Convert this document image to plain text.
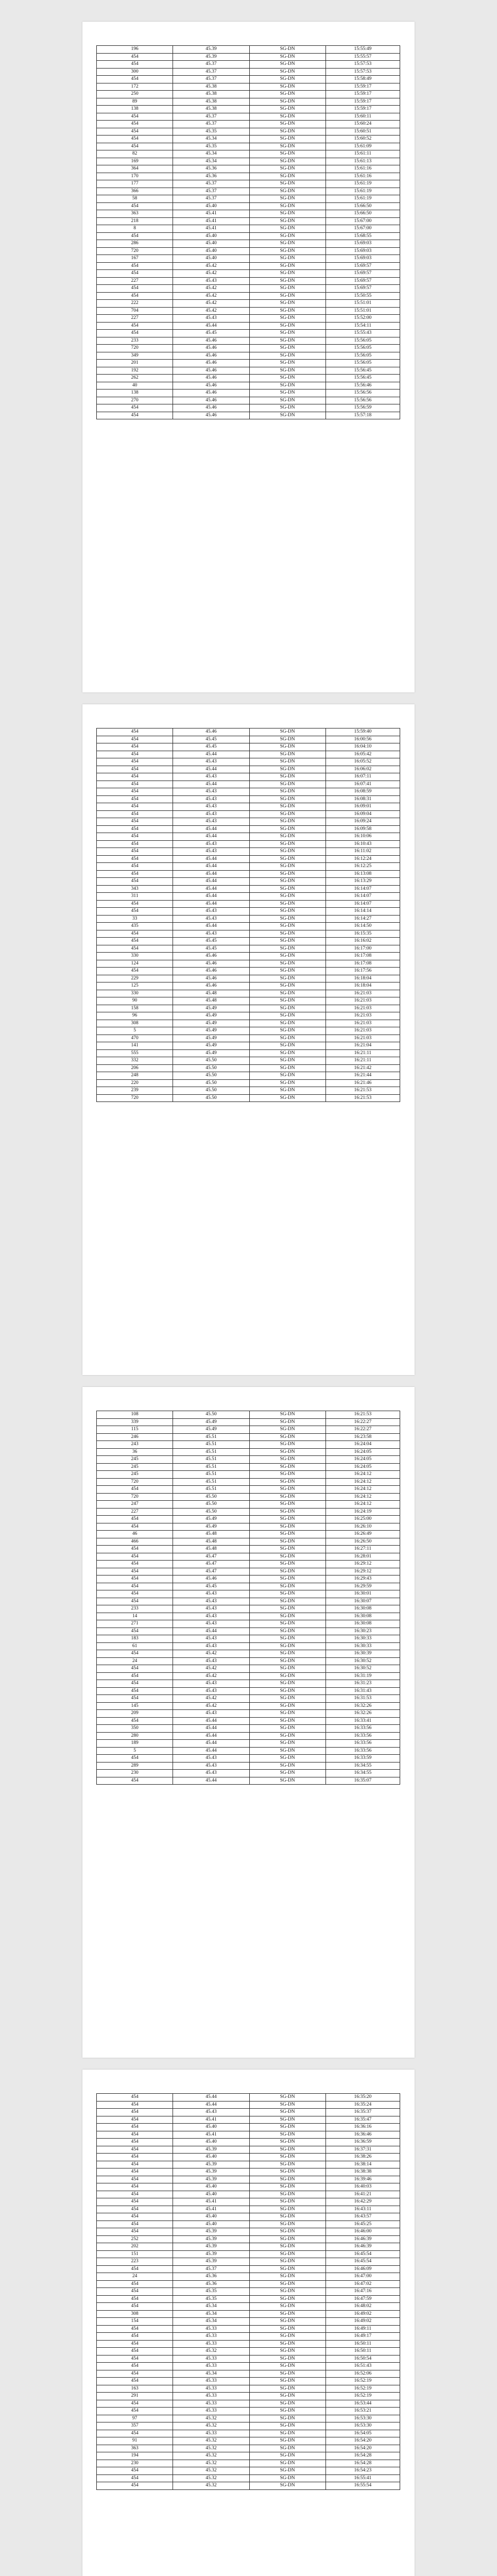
196	45.39	SG-DN	15:55:49
454	45.39	SG-DN	15:55:57
454	45.37	SG-DN	15:57:53
300	45.37	SG-DN	15:57:53
454	45.37	SG-DN	15:58:49
172	45.38	SG-DN	15:59:17
250	45.38	SG-DN	15:59:17
89	45.38	SG-DN	15:59:17
138	45.38	SG-DN	15:59:17
454	45.37	SG-DN	15:60:11
454	45.37	SG-DN	15:60:24
454	45.35	SG-DN	15:60:51
454	45.34	SG-DN	15:60:52
454	45.35	SG-DN	15:61:09
82	45.34	SG-DN	15:61:11
169	45.34	SG-DN	15:61:13
364	45.36	SG-DN	15:61:16
170	45.36	SG-DN	15:61:16
177	45.37	SG-DN	15:61:19
366	45.37	SG-DN	15:61:19
58	45.37	SG-DN	15:61:19
454	45.40	SG-DN	15:66:50
363	45.41	SG-DN	15:66:50
218	45.41	SG-DN	15:67:00
8	45.41	SG-DN	15:67:00
454	45.40	SG-DN	15:68:55
286	45.40	SG-DN	15:69:03
720	45.40	SG-DN	15:69:03
167	45.40	SG-DN	15:69:03
454	45.42	SG-DN	15:69:57
454	45.42	SG-DN	15:69:57
227	45.43	SG-DN	15:69:57
454	45.42	SG-DN	15:69:57
454	45.42	SG-DN	15:50:55
222	45.42	SG-DN	15:51:01
704	45.42	SG-DN	15:51:01
227	45.43	SG-DN	15:52:00
454	45.44	SG-DN	15:54:11
454	45.45	SG-DN	15:55:43
233	45.46	SG-DN	15:56:05
720	45.46	SG-DN	15:56:05
349	45.46	SG-DN	15:56:05
201	45.46	SG-DN	15:56:05
192	45.46	SG-DN	15:56:45
262	45.46	SG-DN	15:56:45
40	45.46	SG-DN	15:56:46
138	45.46	SG-DN	15:56:56
270	45.46	SG-DN	15:56:56
454	45.46	SG-DN	15:56:59
454	45.46	SG-DN	15:57:18
454	45.46	SG-DN	15:59:40
454	45.45	SG-DN	16:00:56
454	45.45	SG-DN	16:04:10
454	45.44	SG-DN	16:05:42
454	45.43	SG-DN	16:05:52
454	45.44	SG-DN	16:06:02
454	45.43	SG-DN	16:07:11
454	45.44	SG-DN	16:07:41
454	45.43	SG-DN	16:08:59
454	45.43	SG-DN	16:08:31
454	45.43	SG-DN	16:09:01
454	45.43	SG-DN	16:09:04
454	45.43	SG-DN	16:09:24
454	45.44	SG-DN	16:09:58
454	45.44	SG-DN	16:10:06
454	45.43	SG-DN	16:10:43
454	45.43	SG-DN	16:11:02
454	45.44	SG-DN	16:12:24
454	45.44	SG-DN	16:12:25
454	45.44	SG-DN	16:13:08
454	45.44	SG-DN	16:13:29
343	45.44	SG-DN	16:14:07
311	45.44	SG-DN	16:14:07
454	45.44	SG-DN	16:14:07
454	45.43	SG-DN	16:14:14
33	45.43	SG-DN	16:14:27
435	45.44	SG-DN	16:14:50
454	45.43	SG-DN	16:15:35
454	45.45	SG-DN	16:16:02
454	45.45	SG-DN	16:17:00
330	45.46	SG-DN	16:17:08
124	45.46	SG-DN	16:17:08
454	45.46	SG-DN	16:17:56
229	45.46	SG-DN	16:18:04
125	45.46	SG-DN	16:18:04
330	45.48	SG-DN	16:21:03
90	45.48	SG-DN	16:21:03
158	45.49	SG-DN	16:21:03
96	45.49	SG-DN	16:21:03
308	45.49	SG-DN	16:21:03
5	45.49	SG-DN	16:21:03
470	45.49	SG-DN	16:21:03
141	45.49	SG-DN	16:21:04
555	45.49	SG-DN	16:21:11
332	45.50	SG-DN	16:21:11
206	45.50	SG-DN	16:21:42
248	45.50	SG-DN	16:21:44
220	45.50	SG-DN	16:21:46
239	45.50	SG-DN	16:21:53
720	45.50	SG-DN	16:21:53
108	45.50	SG-DN	16:21:53
339	45.49	SG-DN	16:22:27
115	45.49	SG-DN	16:22:27
246	45.51	SG-DN	16:23:58
243	45.51	SG-DN	16:24:04
36	45.51	SG-DN	16:24:05
245	45.51	SG-DN	16:24:05
245	45.51	SG-DN	16:24:05
245	45.51	SG-DN	16:24:12
720	45.51	SG-DN	16:24:12
454	45.51	SG-DN	16:24:12
720	45.50	SG-DN	16:24:12
247	45.50	SG-DN	16:24:12
227	45.50	SG-DN	16:24:19
454	45.49	SG-DN	16:25:00
454	45.49	SG-DN	16:26:10
46	45.48	SG-DN	16:26:49
466	45.48	SG-DN	16:26:50
454	45.48	SG-DN	16:27:11
454	45.47	SG-DN	16:28:01
454	45.47	SG-DN	16:29:12
454	45.47	SG-DN	16:29:12
454	45.46	SG-DN	16:29:43
454	45.45	SG-DN	16:29:59
454	45.43	SG-DN	16:30:01
454	45.43	SG-DN	16:30:07
233	45.43	SG-DN	16:30:08
14	45.43	SG-DN	16:30:08
271	45.43	SG-DN	16:30:08
454	45.44	SG-DN	16:30:23
183	45.43	SG-DN	16:30:33
61	45.43	SG-DN	16:30:33
454	45.42	SG-DN	16:30:39
24	45.43	SG-DN	16:30:52
454	45.42	SG-DN	16:30:52
454	45.42	SG-DN	16:31:19
454	45.43	SG-DN	16:31:23
454	45.43	SG-DN	16:31:43
454	45.42	SG-DN	16:31:53
145	45.42	SG-DN	16:32:26
209	45.43	SG-DN	16:32:26
454	45.44	SG-DN	16:33:41
350	45.44	SG-DN	16:33:56
280	45.44	SG-DN	16:33:56
189	45.44	SG-DN	16:33:56
5	45.44	SG-DN	16:33:56
454	45.43	SG-DN	16:33:59
289	45.43	SG-DN	16:34:55
230	45.43	SG-DN	16:34:55
454	45.44	SG-DN	16:35:07
454	45.44	SG-DN	16:35:20
454	45.44	SG-DN	16:35:24
454	45.43	SG-DN	16:35:37
454	45.41	SG-DN	16:35:47
454	45.40	SG-DN	16:36:16
454	45.41	SG-DN	16:36:46
454	45.40	SG-DN	16:36:59
454	45.39	SG-DN	16:37:31
454	45.40	SG-DN	16:38:26
454	45.39	SG-DN	16:38:14
454	45.39	SG-DN	16:38:38
454	45.39	SG-DN	16:39:46
454	45.40	SG-DN	16:40:03
454	45.40	SG-DN	16:41:21
454	45.41	SG-DN	16:42:29
454	45.41	SG-DN	16:43:11
454	45.40	SG-DN	16:43:57
454	45.40	SG-DN	16:45:25
454	45.39	SG-DN	16:46:00
252	45.39	SG-DN	16:46:39
202	45.39	SG-DN	16:46:39
151	45.39	SG-DN	16:45:54
223	45.39	SG-DN	16:45:54
454	45.37	SG-DN	16:46:09
24	45.36	SG-DN	16:47:00
454	45.36	SG-DN	16:47:02
454	45.35	SG-DN	16:47:16
454	45.35	SG-DN	16:47:59
454	45.34	SG-DN	16:48:02
308	45.34	SG-DN	16:49:02
154	45.34	SG-DN	16:49:02
454	45.33	SG-DN	16:49:11
454	45.33	SG-DN	16:49:17
454	45.33	SG-DN	16:50:11
454	45.32	SG-DN	16:50:11
454	45.33	SG-DN	16:50:54
454	45.33	SG-DN	16:51:43
454	45.34	SG-DN	16:52:06
454	45.33	SG-DN	16:52:19
163	45.33	SG-DN	16:52:19
291	45.33	SG-DN	16:52:19
454	45.33	SG-DN	16:53:44
454	45.33	SG-DN	16:53:21
97	45.32	SG-DN	16:53:30
357	45.32	SG-DN	16:53:30
454	45.33	SG-DN	16:54:05
91	45.32	SG-DN	16:54:20
363	45.32	SG-DN	16:54:20
194	45.32	SG-DN	16:54:28
230	45.32	SG-DN	16:54:28
454	45.32	SG-DN	16:54:23
454	45.32	SG-DN	16:55:41
454	45.32	SG-DN	16:55:54
